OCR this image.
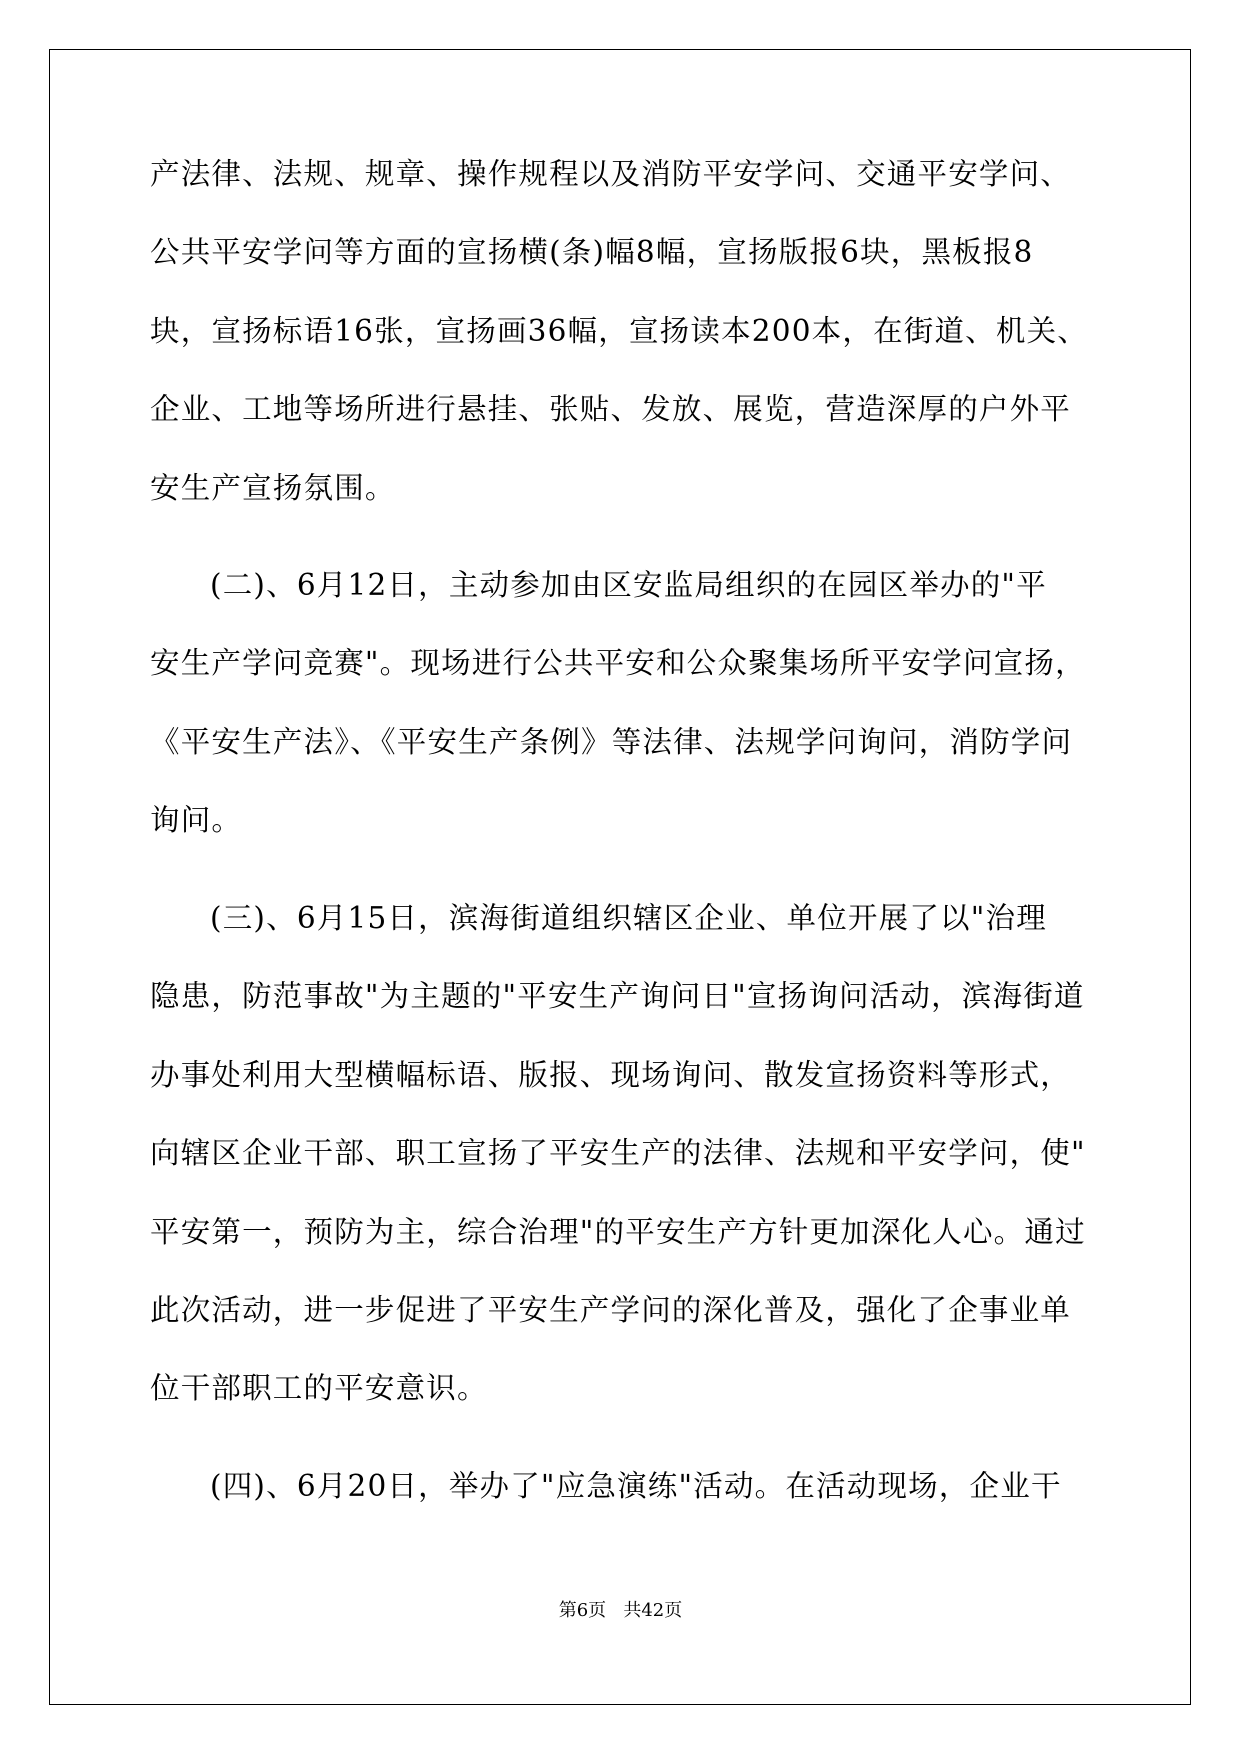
产法律、法规、规章、操作规程以及消防平安学问、交通平安学问、
公共平安学问等方面的宣扬横(条)幅8幅，宣扬版报6块，黑板报8
块，宣扬标语16张，宣扬画36幅，宣扬读本200本，在街道、机关、
企业、工地等场所进行悬挂、张贴、发放、展览，营造深厚的户外平
安生产宣扬氛围。
(二)、6月12日，主动参加由区安监局组织的在园区举办的"平
安生产学问竞赛"。现场进行公共平安和公众聚集场所平安学问宣扬，
《平安生产法》、《平安生产条例》等法律、法规学问询问，消防学问
询问。
(三)、6月15日，滨海街道组织辖区企业、单位开展了以"治理
隐患，防范事故"为主题的"平安生产询问日"宣扬询问活动，滨海街道
办事处利用大型横幅标语、版报、现场询问、散发宣扬资料等形式，
向辖区企业干部、职工宣扬了平安生产的法律、法规和平安学问，使"
平安第一，预防为主，综合治理"的平安生产方针更加深化人心。通过
此次活动，进一步促进了平安生产学问的深化普及，强化了企事业单
位干部职工的平安意识。
(四)、6月20日，举办了"应急演练"活动。在活动现场，企业干
第6页   共42页
